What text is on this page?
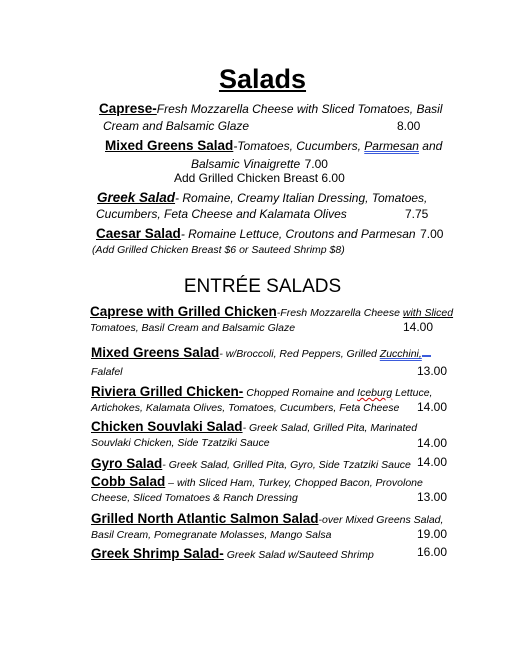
Salads
Caprese-Fresh Mozzarella Cheese with Sliced Tomatoes, Basil
Cream and Balsamic Glaze	8.00
Mixed Greens Salad-Tomatoes, Cucumbers, Parmesan and
Balsamic Vinaigrette 7.00
Add Grilled Chicken Breast 6.00
Greek Salad- Romaine, Creamy Italian Dressing, Tomatoes,
Cucumbers, Feta Cheese and Kalamata Olives	7.75
Caesar Salad- Romaine Lettuce, Croutons and Parmesan 7.00
(Add Grilled Chicken Breast $6 or Sauteed Shrimp $8)
ENTRÉE SALADS
Caprese with Grilled Chicken-Fresh Mozzarella Cheese with Sliced
Tomatoes, Basil Cream and Balsamic Glaze	14.00
Mixed Greens Salad- w/Broccoli, Red Peppers, Grilled Zucchini,
Falafel	13.00
Riviera Grilled Chicken- Chopped Romaine and Iceburg Lettuce,
Artichokes, Kalamata Olives, Tomatoes, Cucumbers, Feta Cheese 14.00
Chicken Souvlaki Salad- Greek Salad, Grilled Pita, Marinated
Souvlaki Chicken, Side Tzatziki Sauce	14.00
Gyro Salad- Greek Salad, Grilled Pita, Gyro, Side Tzatziki Sauce 14.00
Cobb Salad – with Sliced Ham, Turkey, Chopped Bacon, Provolone
Cheese, Sliced Tomatoes & Ranch Dressing	13.00
Grilled North Atlantic Salmon Salad-over Mixed Greens Salad,
Basil Cream, Pomegranate Molasses, Mango Salsa	19.00
Greek Shrimp Salad- Greek Salad w/Sauteed Shrimp	16.00
